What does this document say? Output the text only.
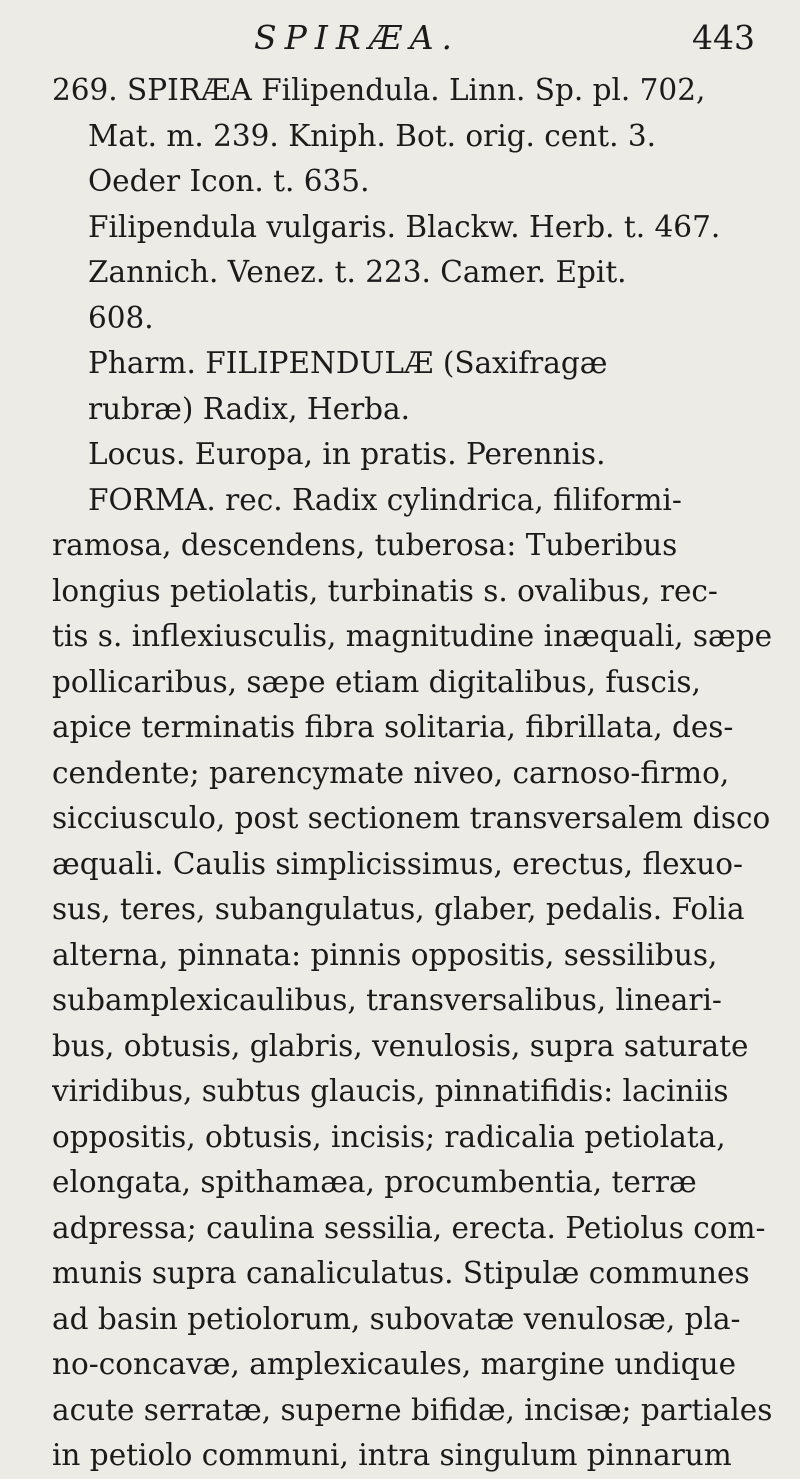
SPIRÆA.	443
269. SPIRÆA Filipendula. Linn. Sp. pl. 702,
Mat. m. 239. Kniph. Bot. orig. cent. 3.
Oeder Icon. t. 635.
Filipendula vulgaris. Blackw. Herb. t. 467.
Zannich. Venez. t. 223. Camer. Epit.
608.
Pharm. FILIPENDULÆ (Saxifragæ
rubræ) Radix, Herba.
Locus. Europa, in pratis. Perennis.
FORMA. rec. Radix cylindrica, filiformi-
ramosa, descendens, tuberosa: Tuberibus
longius petiolatis, turbinatis s. ovalibus, rec-
tis s. inflexiusculis, magnitudine inæquali, sæpe
pollicaribus, sæpe etiam digitalibus, fuscis,
apice terminatis fibra solitaria, fibrillata, des-
cendente; parencymate niveo, carnoso-firmo,
sicciusculo, post sectionem transversalem disco
æquali. Caulis simplicissimus, erectus, flexuo-
sus, teres, subangulatus, glaber, pedalis. Folia
alterna, pinnata: pinnis oppositis, sessilibus,
subamplexicaulibus, transversalibus, lineari-
bus, obtusis, glabris, venulosis, supra saturate
viridibus, subtus glaucis, pinnatifidis: laciniis
oppositis, obtusis, incisis; radicalia petiolata,
elongata, spithamæa, procumbentia, terræ
adpressa; caulina sessilia, erecta. Petiolus com-
munis supra canaliculatus. Stipulæ communes
ad basin petiolorum, subovatæ venulosæ, pla-
no-concavæ, amplexicaules, margine undique
acute serratæ, superne bifidæ, incisæ; partiales
in petiolo communi, intra singulum pinnarum
